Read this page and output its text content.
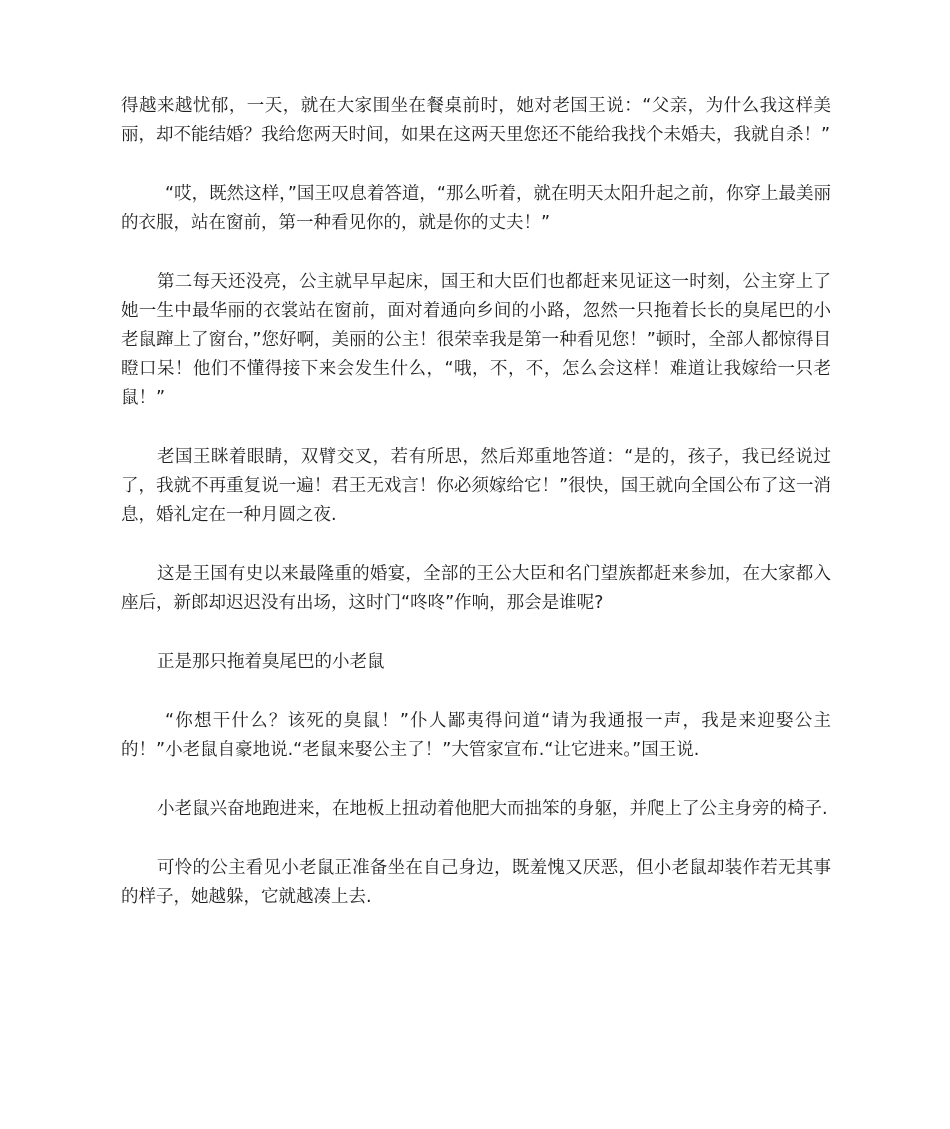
得越来越忧郁，一天，就在大家围坐在餐桌前时，她对老国王说：“父亲，为什么我这样美丽，却不能结婚？我给您两天时间，如果在这两天里您还不能给我找个未婚夫，我就自杀！”

“哎，既然这样，”国王叹息着答道，“那么听着，就在明天太阳升起之前，你穿上最美丽的衣服，站在窗前，第一种看见你的，就是你的丈夫！”

第二每天还没亮，公主就早早起床，国王和大臣们也都赶来见证这一时刻，公主穿上了她一生中最华丽的衣裳站在窗前，面对着通向乡间的小路，忽然一只拖着长长的臭尾巴的小老鼠蹿上了窗台，”您好啊，美丽的公主！很荣幸我是第一种看见您！”顿时，全部人都惊得目瞪口呆！他们不懂得接下来会发生什么，“哦，不，不，怎么会这样！难道让我嫁给一只老鼠！”

老国王眯着眼睛，双臂交叉，若有所思，然后郑重地答道：“是的，孩子，我已经说过了，我就不再重复说一遍！君王无戏言！你必须嫁给它！”很快，国王就向全国公布了这一消息，婚礼定在一种月圆之夜.

这是王国有史以来最隆重的婚宴，全部的王公大臣和名门望族都赶来参加，在大家都入座后，新郎却迟迟没有出场，这时门“咚咚”作响，那会是谁呢?

正是那只拖着臭尾巴的小老鼠

“你想干什么？该死的臭鼠！”仆人鄙夷得问道“请为我通报一声，我是来迎娶公主的！”小老鼠自豪地说.“老鼠来娶公主了！”大管家宣布.“让它进来。”国王说.

小老鼠兴奋地跑进来，在地板上扭动着他肥大而拙笨的身躯，并爬上了公主身旁的椅子.

可怜的公主看见小老鼠正准备坐在自己身边，既羞愧又厌恶，但小老鼠却装作若无其事的样子，她越躲，它就越凑上去.
